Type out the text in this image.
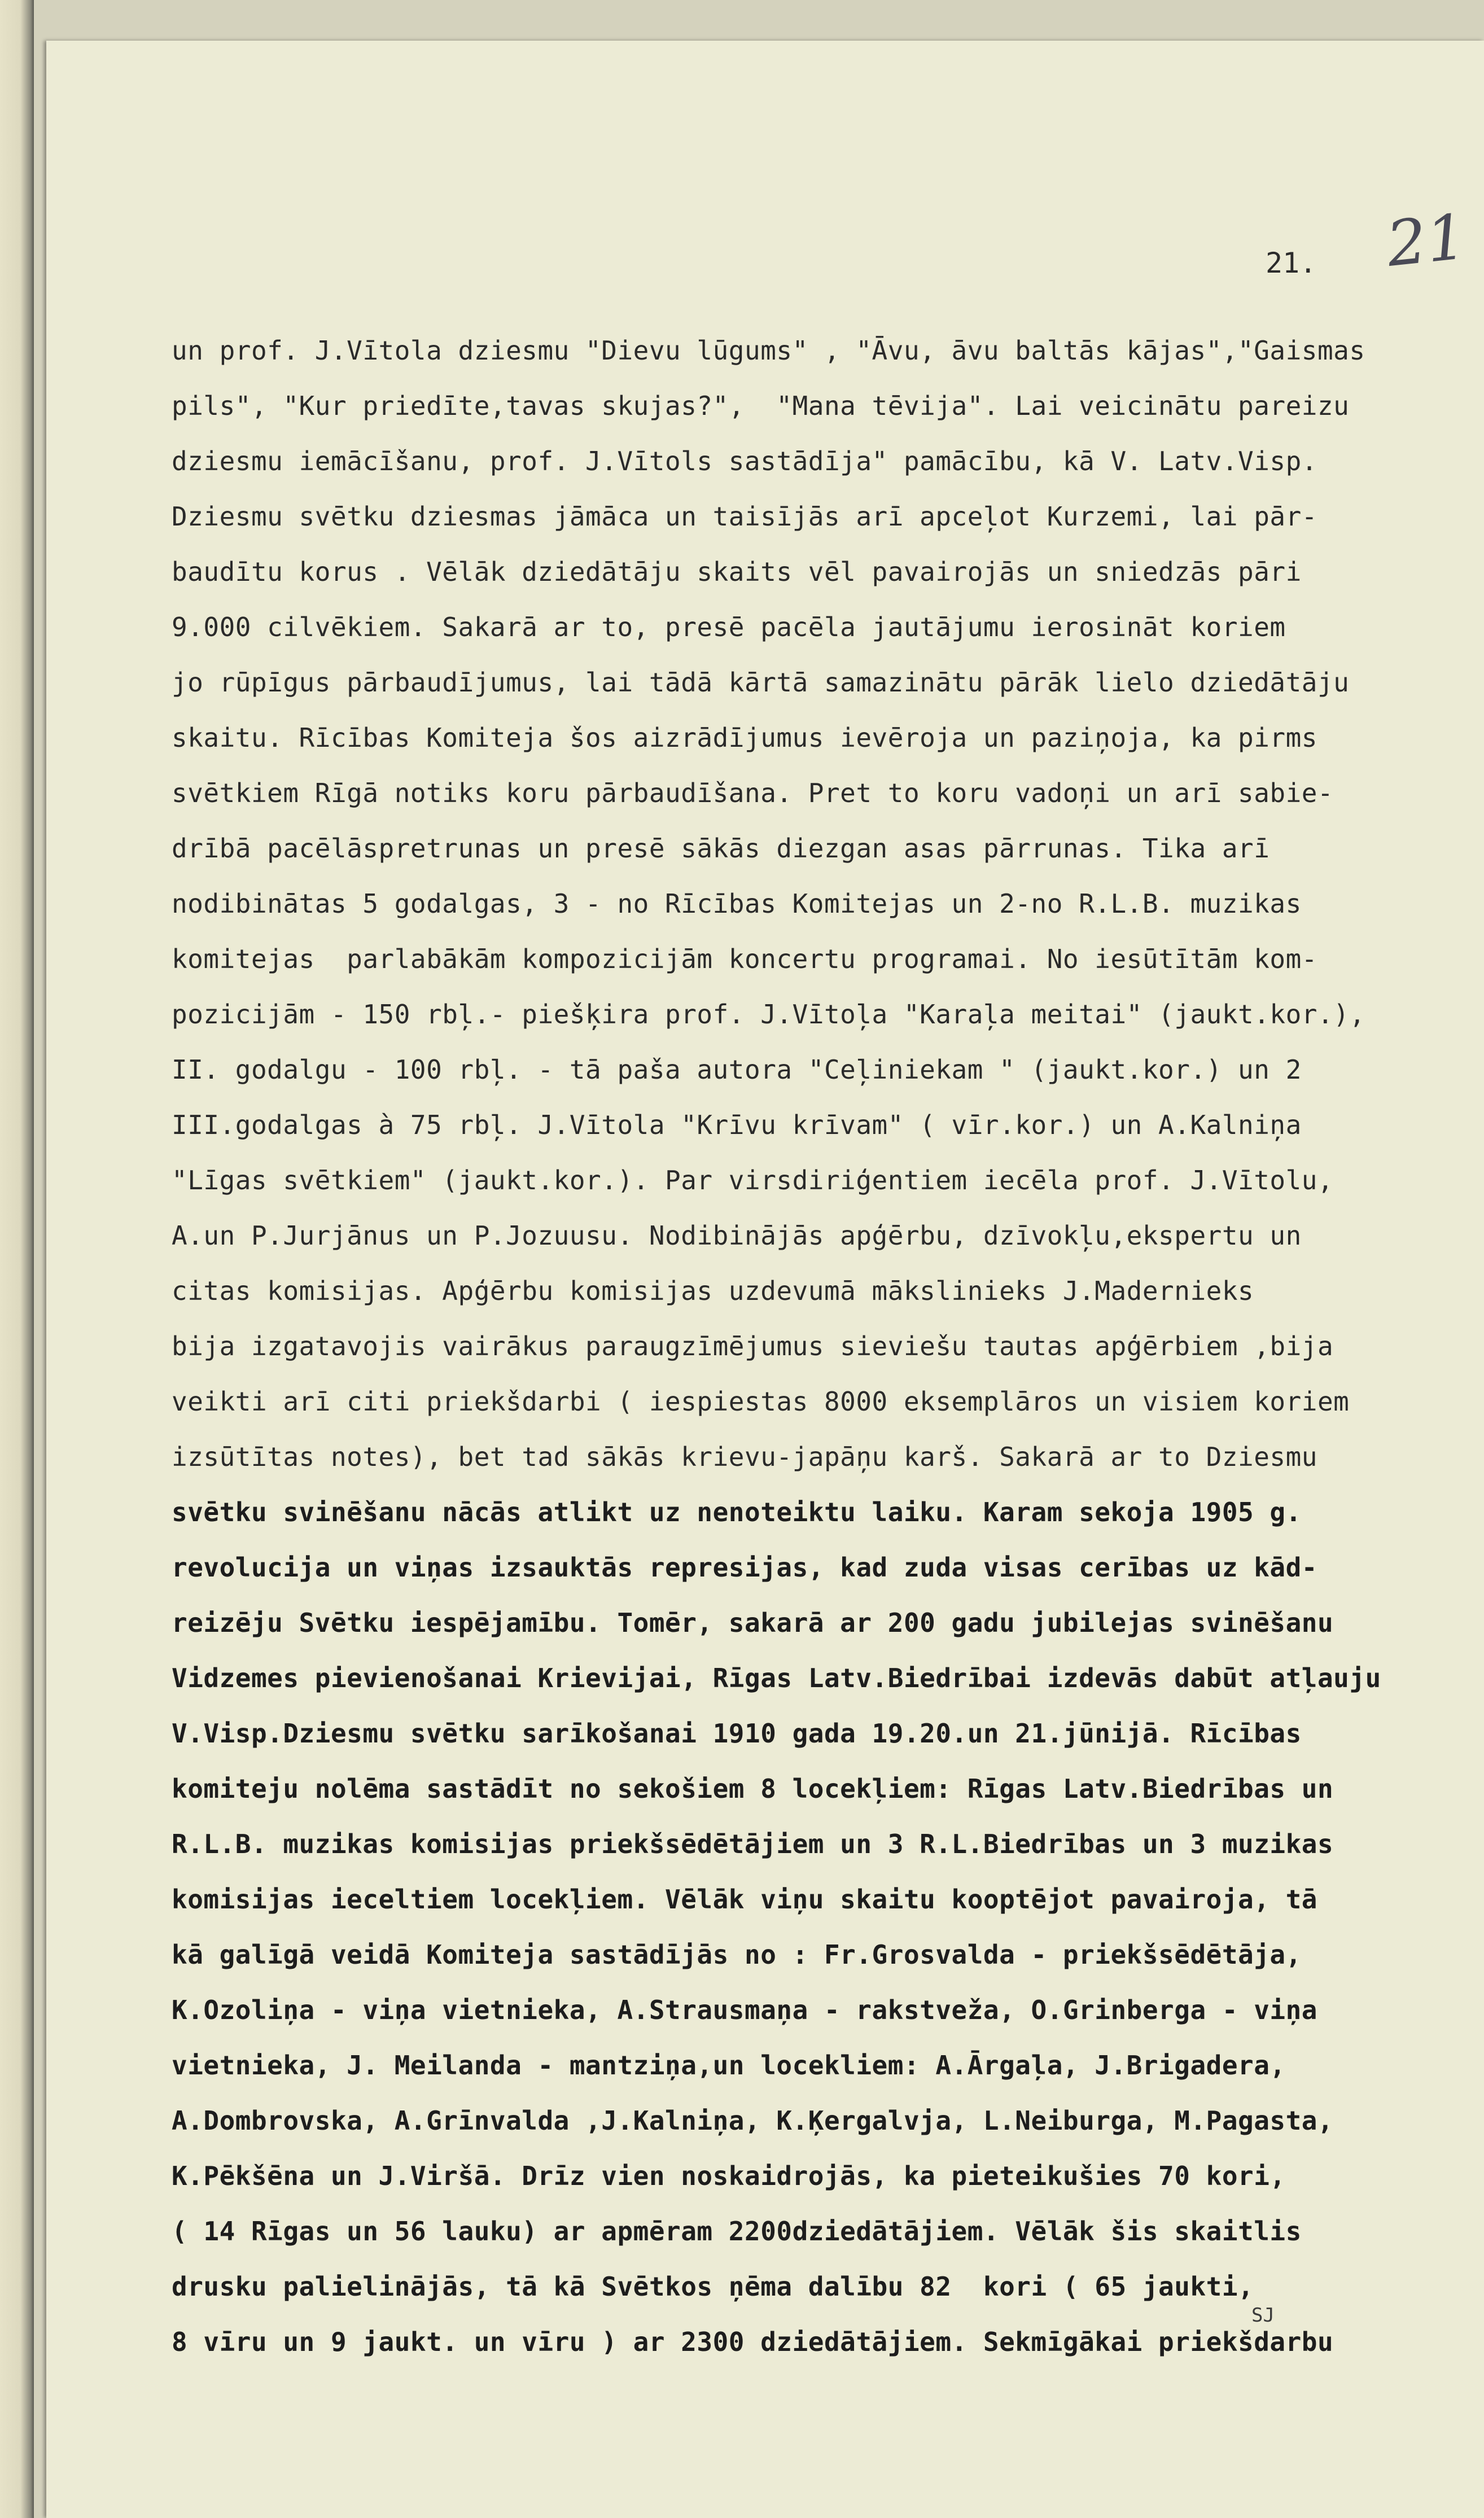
21
21.
SJ
un prof. J.Vītola dziesmu "Dievu lūgums" , "Āvu, āvu baltās kājas","Gaismas
pils", "Kur priedīte,tavas skujas?",  "Mana tēvija". Lai veicinātu pareizu
dziesmu iemācīšanu, prof. J.Vītols sastādīja" pamācību, kā V. Latv.Visp.
Dziesmu svētku dziesmas jāmāca un taisījās arī apceļot Kurzemi, lai pār-
baudītu korus . Vēlāk dziedātāju skaits vēl pavairojās un sniedzās pāri
9.000 cilvēkiem. Sakarā ar to, presē pacēla jautājumu ierosināt koriem
jo rūpīgus pārbaudījumus, lai tādā kārtā samazinātu pārāk lielo dziedātāju
skaitu. Rīcības Komiteja šos aizrādījumus ievēroja un paziņoja, ka pirms
svētkiem Rīgā notiks koru pārbaudīšana. Pret to koru vadoņi un arī sabie-
drībā pacēlāspretrunas un presē sākās diezgan asas pārrunas. Tika arī
nodibinātas 5 godalgas, 3 - no Rīcības Komitejas un 2-no R.L.B. muzikas
komitejas  parlabākām kompozicijām koncertu programai. No iesūtītām kom-
pozicijām - 150 rbļ.- piešķira prof. J.Vītoļa "Karaļa meitai" (jaukt.kor.),
II. godalgu - 100 rbļ. - tā paša autora "Ceļiniekam " (jaukt.kor.) un 2
III.godalgas à 75 rbļ. J.Vītola "Krīvu krīvam" ( vīr.kor.) un A.Kalniņa
"Līgas svētkiem" (jaukt.kor.). Par virsdiriģentiem iecēla prof. J.Vītolu,
A.un P.Jurjānus un P.Jozuusu. Nodibinājās apģērbu, dzīvokļu,ekspertu un
citas komisijas. Apģērbu komisijas uzdevumā mākslinieks J.Madernieks
bija izgatavojis vairākus paraugzīmējumus sieviešu tautas apģērbiem ,bija
veikti arī citi priekšdarbi ( iespiestas 8000 eksemplāros un visiem koriem
izsūtītas notes), bet tad sākās krievu-japāņu karš. Sakarā ar to Dziesmu
svētku svinēšanu nācās atlikt uz nenoteiktu laiku. Karam sekoja 1905 g.
revolucija un viņas izsauktās represijas, kad zuda visas cerības uz kād-
reizēju Svētku iespējamību. Tomēr, sakarā ar 200 gadu jubilejas svinēšanu
Vidzemes pievienošanai Krievijai, Rīgas Latv.Biedrībai izdevās dabūt atļauju
V.Visp.Dziesmu svētku sarīkošanai 1910 gada 19.20.un 21.jūnijā. Rīcības
komiteju nolēma sastādīt no sekošiem 8 locekļiem: Rīgas Latv.Biedrības un
R.L.B. muzikas komisijas priekšsēdētājiem un 3 R.L.Biedrības un 3 muzikas
komisijas ieceltiem locekļiem. Vēlāk viņu skaitu kooptējot pavairoja, tā
kā galīgā veidā Komiteja sastādījās no : Fr.Grosvalda - priekšsēdētāja,
K.Ozoliņa - viņa vietnieka, A.Strausmaņa - rakstveža, O.Grinberga - viņa
vietnieka, J. Meilanda - mantziņa,un locekliem: A.Ārgaļa, J.Brigadera,
A.Dombrovska, A.Grīnvalda ,J.Kalniņa, K.Ķergalvja, L.Neiburga, M.Pagasta,
K.Pēkšēna un J.Viršā. Drīz vien noskaidrojās, ka pieteikušies 70 kori,
( 14 Rīgas un 56 lauku) ar apmēram 2200dziedātājiem. Vēlāk šis skaitlis
drusku palielinājās, tā kā Svētkos ņēma dalību 82  kori ( 65 jaukti,
8 vīru un 9 jaukt. un vīru ) ar 2300 dziedātājiem. Sekmīgākai priekšdarbu
